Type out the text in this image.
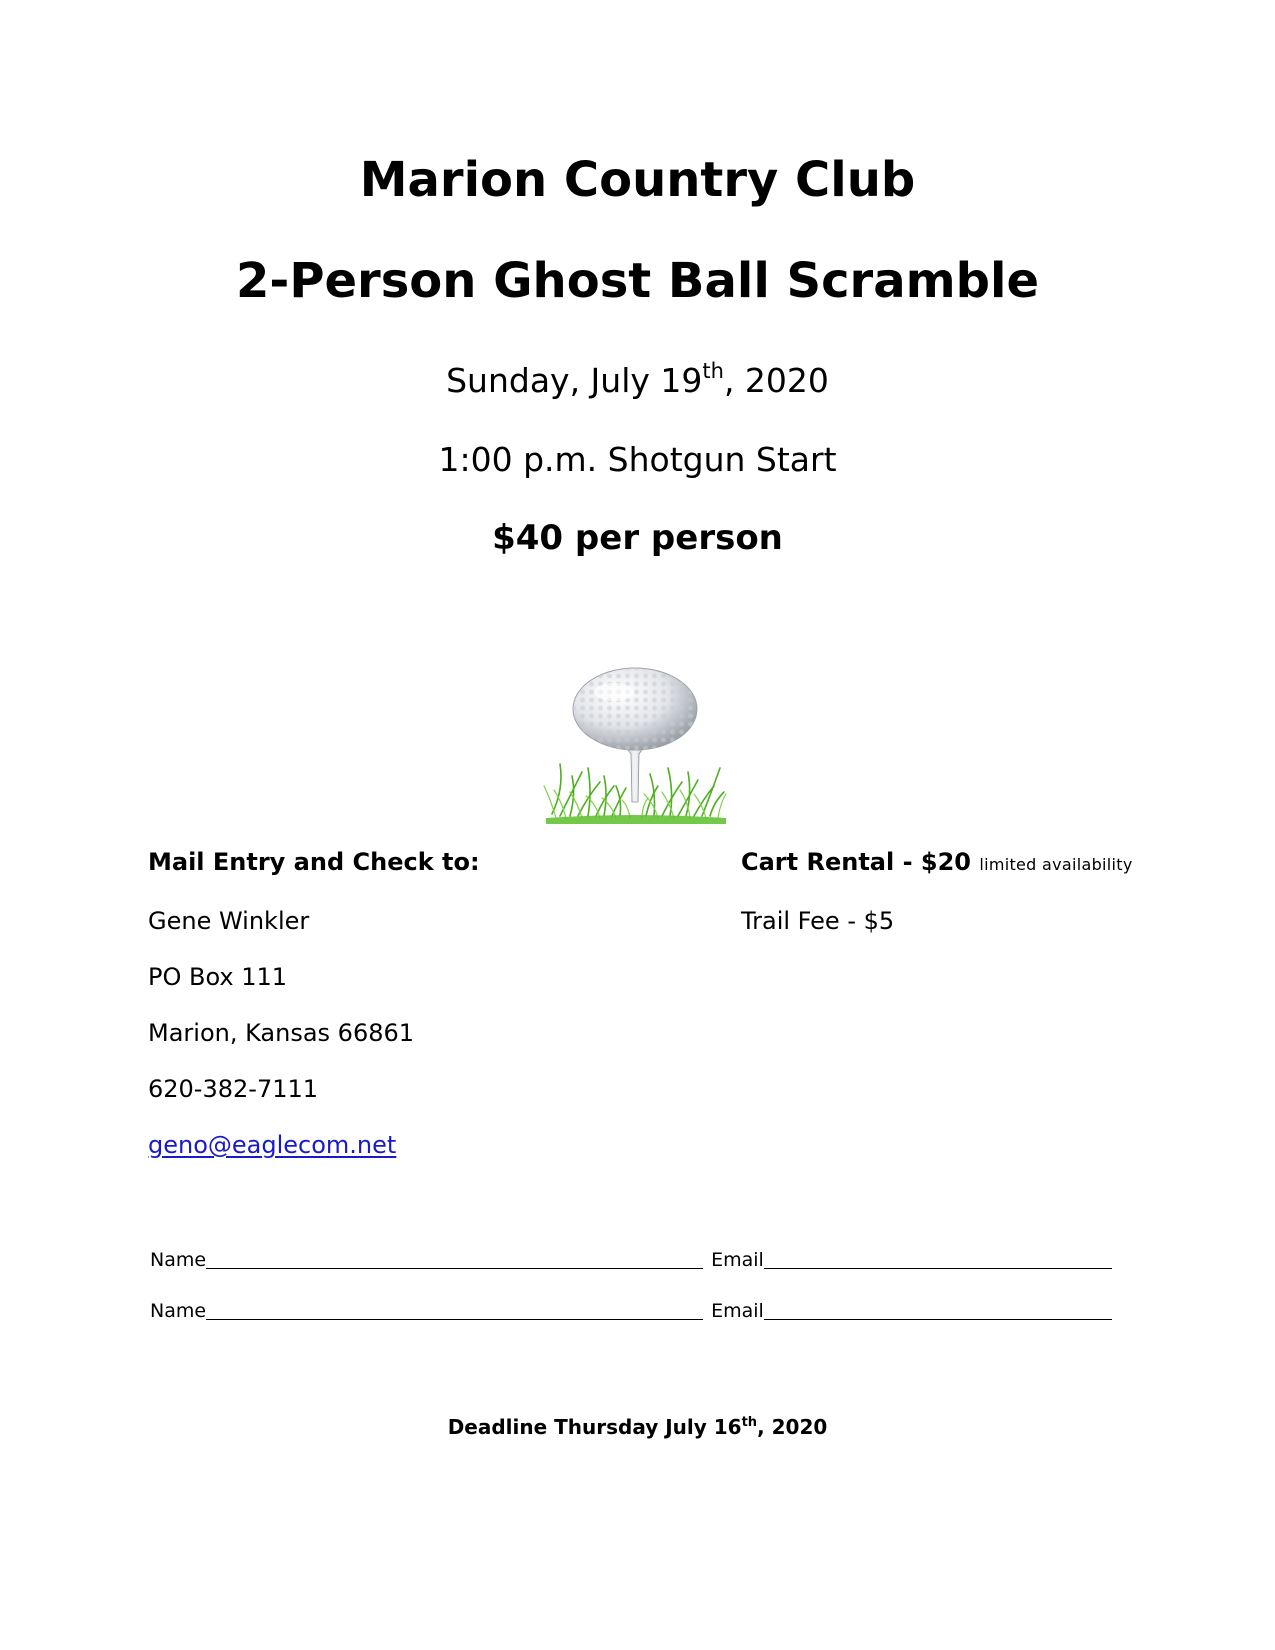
Marion Country Club
2-Person Ghost Ball Scramble
Sunday, July 19th, 2020
1:00 p.m. Shotgun Start
$40 per person
Mail Entry and Check to:
Gene Winkler
PO Box 111
Marion, Kansas 66861
620-382-7111
geno@eaglecom.net
Cart Rental - $20 limited availability
Trail Fee - $5
Name	Email
Name	Email
Deadline Thursday July 16th, 2020
